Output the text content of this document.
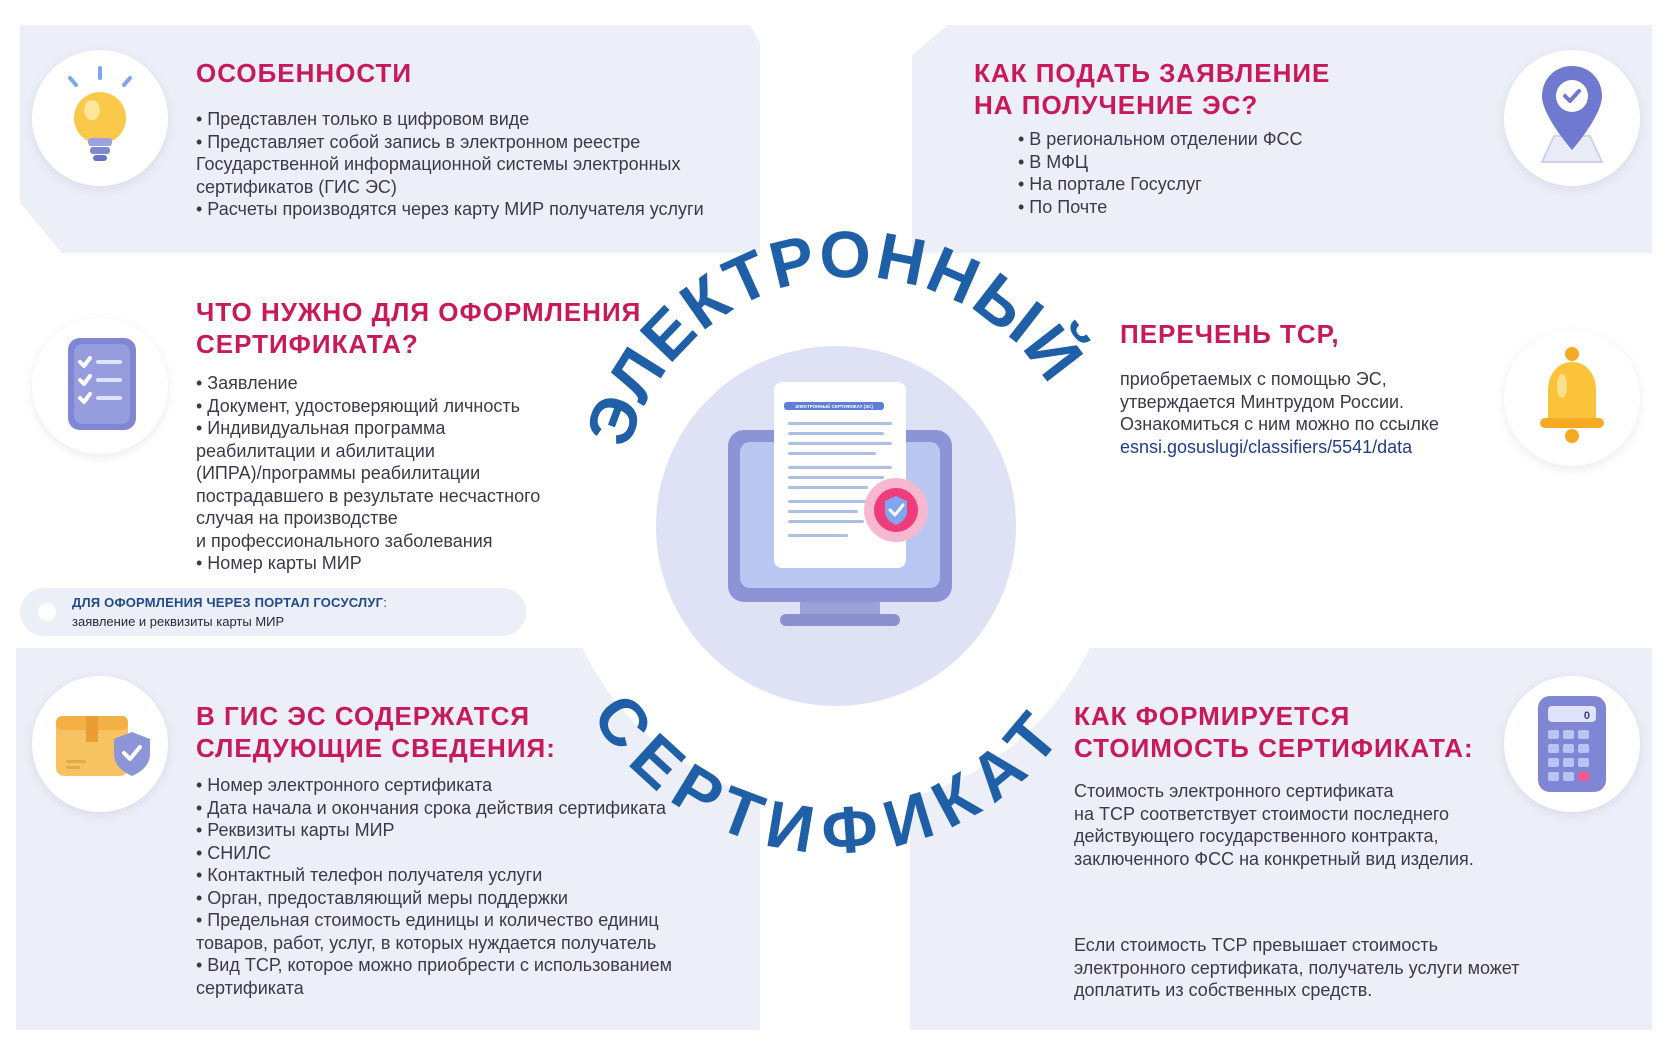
ЭЛЕКТРОННЫЙ СЕРТИФИКАТ (ЭС)
ЭЛЕКТРОННЫЙ
СЕРТИФИКАТ
ОСОБЕННОСТИ
• Представлен только в цифровом виде
• Представляет собой запись в электронном реестре
Государственной информационной системы электронных
сертификатов (ГИС ЭС)
• Расчеты производятся через карту МИР получателя услуги
КАК ПОДАТЬ ЗАЯВЛЕНИЕ
НА ПОЛУЧЕНИЕ ЭС?
• В региональном отделении ФСС
• В МФЦ
• На портале Госуслуг
• По Почте
ЧТО НУЖНО ДЛЯ ОФОРМЛЕНИЯ
СЕРТИФИКАТА?
• Заявление
• Документ, удостоверяющий личность
• Индивидуальная программа
реабилитации и абилитации
(ИПРА)/программы реабилитации
пострадавшего в результате несчастного
случая на производстве
и профессионального заболевания
• Номер карты МИР
ДЛЯ ОФОРМЛЕНИЯ ЧЕРЕЗ ПОРТАЛ ГОСУСЛУГ:
заявление и реквизиты карты МИР
ПЕРЕЧЕНЬ ТСР,
приобретаемых с помощью ЭС,
утверждается Минтрудом России.
Ознакомиться с ним можно по ссылке
esnsi.gosuslugi/classifiers/5541/data
В ГИС ЭС СОДЕРЖАТСЯ
СЛЕДУЮЩИЕ СВЕДЕНИЯ:
• Номер электронного сертификата
• Дата начала и окончания срока действия сертификата
• Реквизиты карты МИР
• СНИЛС
• Контактный телефон получателя услуги
• Орган, предоставляющий меры поддержки
• Предельная стоимость единицы и количество единиц
товаров, работ, услуг, в которых нуждается получатель
• Вид ТСР, которое можно приобрести с использованием
сертификата
КАК ФОРМИРУЕТСЯ
СТОИМОСТЬ СЕРТИФИКАТА:
Стоимость электронного сертификата
на ТСР соответствует стоимости последнего
действующего государственного контракта,
заключенного ФСС на конкретный вид изделия.
Если стоимость ТСР превышает стоимость
электронного сертификата, получатель услуги может
доплатить из собственных средств.
0
